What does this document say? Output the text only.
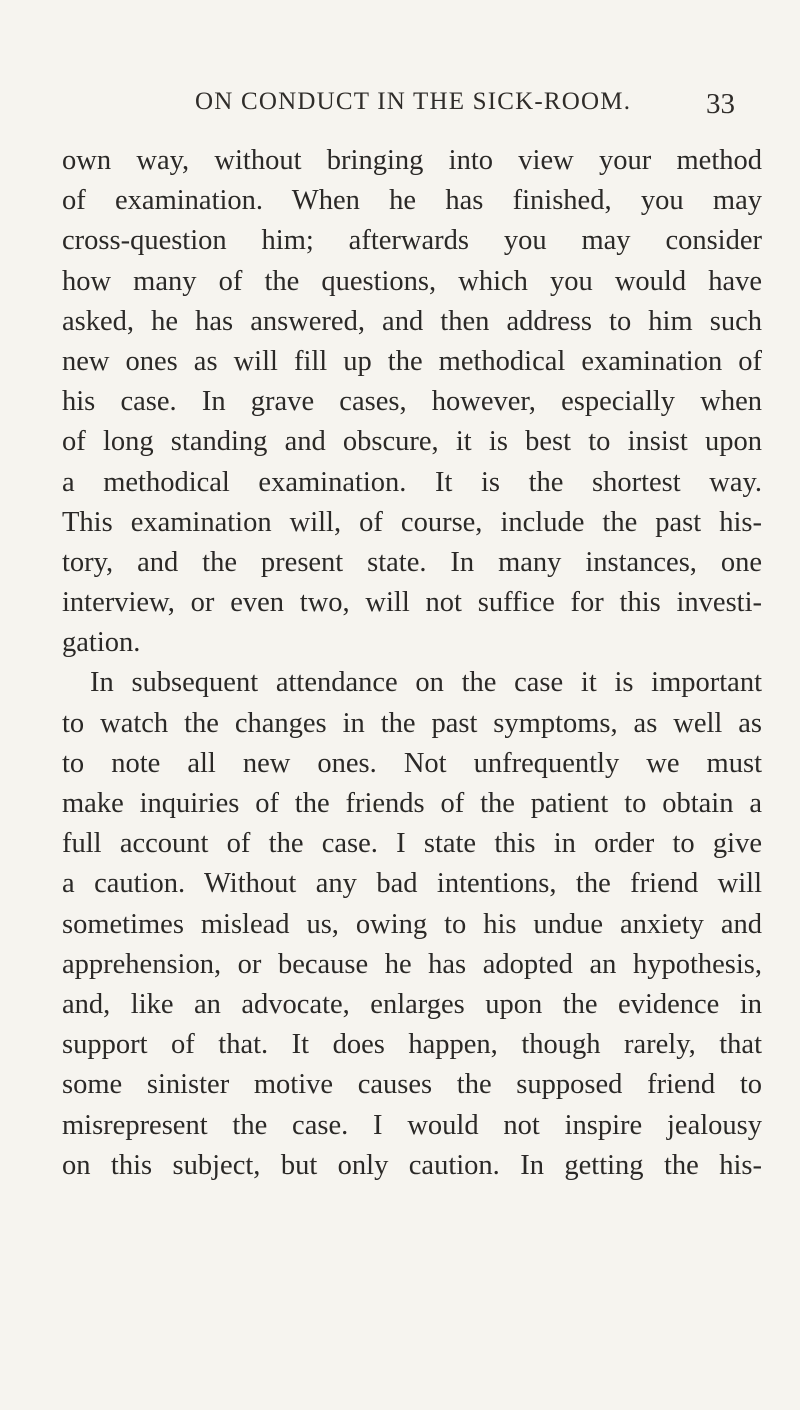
ON CONDUCT IN THE SICK-ROOM.	33
own way, without bringing into view your method
of examination. When he has finished, you may
cross-question him; afterwards you may consider
how many of the questions, which you would have
asked, he has answered, and then address to him such
new ones as will fill up the methodical examination of
his case. In grave cases, however, especially when
of long standing and obscure, it is best to insist upon
a methodical examination. It is the shortest way.
This examination will, of course, include the past his-
tory, and the present state. In many instances, one
interview, or even two, will not suffice for this investi-
gation.
In subsequent attendance on the case it is important
to watch the changes in the past symptoms, as well as
to note all new ones. Not unfrequently we must
make inquiries of the friends of the patient to obtain a
full account of the case. I state this in order to give
a caution. Without any bad intentions, the friend will
sometimes mislead us, owing to his undue anxiety and
apprehension, or because he has adopted an hypothesis,
and, like an advocate, enlarges upon the evidence in
support of that. It does happen, though rarely, that
some sinister motive causes the supposed friend to
misrepresent the case. I would not inspire jealousy
on this subject, but only caution. In getting the his-
